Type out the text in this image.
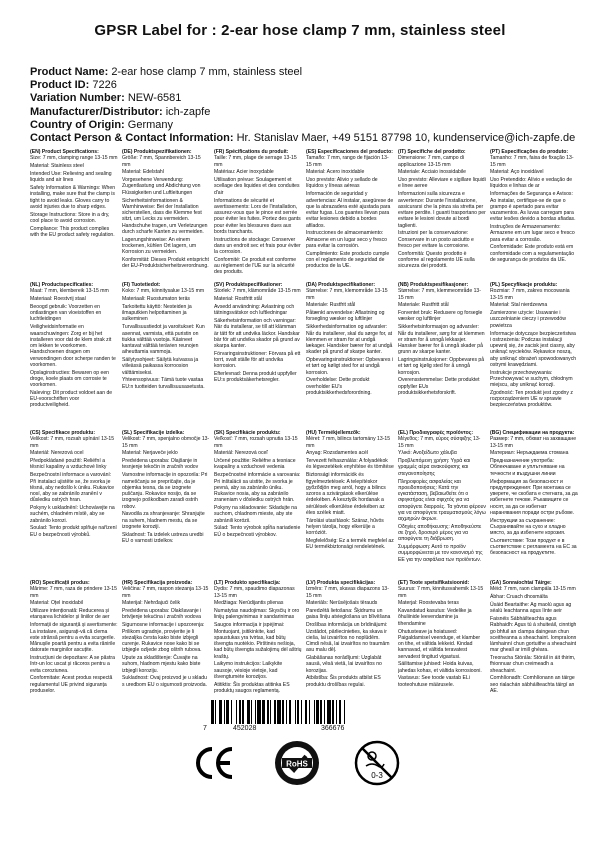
GPSR Label for : 2-ear hose clamp 7 mm, stainless steel
Product Name: 2-ear hose clamp 7 mm, stainless steel
Product ID: 7226
Variation Number: NEW-6581
Manufacturer/Distributor: ich-zapfe
Country of Origin: Germany
Contact Person & Contact Information: Hr. Stanislav Maer, +49 5151 87798 10, kundenservice@ich-zapfe.de
(EN) Product Specifications:

Size: 7 mm, clamping range 13-15 mm

Material: Stainless steel

Intended Use: Relieving and sealing liquids and air lines

Safety Information & Warnings: When installing, make sure that the clamp is tight to avoid leaks. Gloves carry to avoid injuries due to sharp edges.

Storage Instructions: Store in a dry, cool place to avoid corrosion.

Compliance: This product complies with the EU product safety regulation.

(DE) Produktspezifikationen:

Größe: 7 mm, Spannbereich 13-15 mm

Material: Edelstahl

Vorgesehene Verwendung: Zugentlastung und Abdichtung von Flüssigkeiten und Luftleitungen

Sicherheitsinformationen & Warnhinweise: Bei der Installation sicherstellen, dass die Klemme fest sitzt, um Lecks zu vermeiden. Handschuhe tragen, um Verletzungen durch scharfe Kanten zu vermeiden.

Lagerungshinweise: An einem trockenen, kühlen Ort lagern, um Korrosion zu vermeiden.

Konformität: Dieses Produkt entspricht der EU-Produktsicherheitsverordnung.

(FR) Spécifications du produit:

Taille: 7 mm, plage de serrage 13-15 mm

Matériau: Acier inoxydable

Utilisation prévue: Soulagement et scellage des liquides et des conduites d'air

Informations de sécurité et avertissements: Lors de l'installation, assurez-vous que le pince est serrée pour éviter les fuites. Portez des gants pour éviter les blessures dues aux bords tranchants.

Instructions de stockage: Conserver dans un endroit sec et frais pour éviter la corrosion.

Conformité: Ce produit est conforme au règlement de l'UE sur la sécurité des produits.

(ES) Especificaciones del producto:

Tamaño: 7 mm, rango de fijación 13-15 mm

Material: Acero inoxidable

Uso previsto: Alivio y sellado de líquidos y líneas aéreas

Información de seguridad y advertencias: Al instalar, asegúrese de que la abrazadera esté ajustada para evitar fugas. Los guantes llevan para evitar lesiones debido a bordes afilados.

Instrucciones de almacenamiento: Almacene en un lugar seco y fresco para evitar la corrosión.

Cumplimiento: Este producto cumple con el reglamento de seguridad de productos de la UE.

(IT) Specifiche del prodotto:

Dimensione: 7 mm, campo di applicazione 13-15 mm

Materiale: Acciaio inossidabile

Uso previsto: Alleviare e sigillare liquidi e linee aeree

Informazioni sulla sicurezza e avvertenze: Durante l'installazione, assicurarsi che la pinza sia stretta per evitare perdite. I guanti trasportano per evitare le lesioni dovute ai bordi taglienti.

Istruzioni per la conservazione: Conservare in un posto asciutto e fresco per evitare la corrosione.

Conformità: Questo prodotto è conforme al regolamento UE sulla sicurezza dei prodotti.

(PT) Especificações do produto:

Tamanho: 7 mm, faixa de fixação 13-15 mm

Material: Aço inoxidável

Uso Pretendido: Alívio e vedação de líquidos e linhas de ar

Informações de Segurança e Avisos: Ao instalar, certifique-se de que o grampo é apertado para evitar vazamentos. As luvas carregam para evitar lesões devido a bordas afiadas.

Instruções de Armazenamento: Armazene em um lugar seco e fresco para evitar a corrosão.

Conformidade: Este produto está em conformidade com a regulamentação de segurança de produtos da UE.

(NL) Productspecificaties:

Maat: 7 mm, klembereik 13-15 mm

Materiaal: Roestvrij staal

Beoogd gebruik: Voorzetten en ontlastingen van vloeistoffen en luchtleidingen

Veiligheidsinformatie en waarschuwingen: Zorg er bij het installeren voor dat de klem strak zit om lekken te voorkomen. Handschoenen dragen om verwondingen door scherpe randen te voorkomen.

Opslaginstructies: Bewaren op een droge, koele plaats om corrosie te voorkomen.

Naleving: Dit product voldoet aan de EU-voorschriften voor productveiligheid.

(FI) Tuotetiedot:

Koko: 7 mm, kiinnitysalue 13-15 mm

Materiaali: Ruostumaton teräs

Tarkoitettu käyttö: Nesteiden ja ilmaputkien helpottaminen ja sulkeminen

Turvallisuustiedot ja varoitukset: Kun asennat, varmista, että puristin on tiukka välttää vuotoja. Käsineet kantavat välttää terävien reunojen aiheuttamia vammoja.

Säilytysohjeet: Säilytä kuivassa ja viileässä paikassa korroosion välttämiseksi.

Yhteensopivuus: Tämä tuote vastaa EU:n tuotteiden turvallisuusasetusta.

(SV) Produktspecifikationer:

Storlek: 7 mm, klämområde 13-15 mm

Material: Rostfritt stål

Avsedd användning: Avlastning och tätningsvätskor och luftledningar

Säkerhetsinformation och varningar: När du installerar, se till att klämman är tätt för att undvika läckor. Handskar bär för att undvika skador på grund av skarpa kanter.

Förvaringsinstruktioner: Förvara på ett torrt, svalt ställe för att undvika korrosion.

Efterlevnad: Denna produkt uppfyller EU:s produktsäkerhetsregler.

(DA) Produktspecifikationer:

Størrelse: 7 mm, klemområde 13-15 mm

Materiale: Rustfrit stål

Påtænkt anvendelse: Aflastning og forsegling væsker og luftlinjer

Sikkerhedsinformation og advarsler: Når du installerer, skal du sørge for, at klemmen er stram for at undgå lækager. Handsker bærer for at undgå skader på grund af skarpe kanter.

Opbevaringsinstruktioner: Opbevares i et tørt og køligt sted for at undgå korrosion.

Overholdelse: Dette produkt overholder EU's produktsikkerhedsforordning.

(NB) Produktspesifikasjoner:

Størrelse: 7 mm, klemmeområde 13-15 mm

Materiale: Rustfritt stål

Forventet bruk: Redusere og forsegle væsker og luftlinjer

Sikkerhetsinformasjon og advarsler: Når du installerer, sørg for at klemmen er stram for å unngå lekkasjer. Hansker bærer for å unngå skader på grunn av skarpe kanter.

Lagringsinstruksjoner: Oppbevares på et tørt og kjølig sted for å unngå korrosjon.

Overensstemmelse: Dette produktet oppfyller EUs produktsikkerhetsforskrift.

(PL) Specyfikacje produktu:

Rozmiar: 7 mm, zakres mocowania 13-15 mm

Materiał: Stal nierdzewna

Zamierzone użycie: Usuwanie i uszczelnianie cieczy i przewodów powietrza

Informacje dotyczące bezpieczeństwa i ostrzeżenia: Podczas instalacji upewnij się, że zacisk jest ciasny, aby uniknąć wycieków. Rękawice noszą, aby uniknąć obrażeń spowodowanych ostrymi krawędziami.

Instrukcje przechowywania: Przechowywać w suchym, chłodnym miejscu, aby uniknąć korozji.

Zgodność: Ten produkt jest zgodny z rozporządzeniem UE w sprawie bezpieczeństwa produktów.

(CS) Specifikace produktu:

Velikost: 7 mm, rozsah upínání 13-15 mm

Materiál: Nerezová ocel

Předpokládané použití: Reliéfní a těsnicí kapaliny a vzduchové linky

Bezpečnostní informace a varování: Při instalaci ujistěte se, že svorka je těsná, aby nedošlo k úniku. Rukavice nosí, aby se zabránilo zranění v důsledku ostrých hran.

Pokyny k uskladnění: Uchovávejte na suchém, chladném místě, aby se zabránilo korozi.

Soulad: Tento produkt splňuje nařízení EU o bezpečnosti výrobků.

(SL) Specifikacije izdelka:

Velikost: 7 mm, spenjalno območje 13-15 mm

Material: Nerjaveče jeklo

Predvidena uporaba: Olajšanje in tesnjenje tekočin in zračnih vodov

Varnostne informacije in opozorila: Pri nameščanju se prepričajte, da je objemka tesna, da se izognete puščanju. Rokavice nosijo, da se izognejo poškodbam zaradi ostrih robov.

Navodila za shranjevanje: Shranjujte na suhem, hladnem mestu, da se izognete koroziji.

Skladnost: Ta izdelek ustreza uredbi EU o varnosti izdelkov.

(SK) Špecifikácie produktu:

Veľkosť: 7 mm, rozsah upnutia 13-15 mm

Materiál: Nerezová oceľ

Určené použitie: Reliéfne a tesniace kvapaliny a vzduchové vedenia

Bezpečnostné informácie a varovania: Pri inštalácii sa uistite, že svorka je pevná, aby sa zabránilo úniku. Rukavice nosia, aby sa zabránilo zraneniam v dôsledku ostrých hrán.

Pokyny na skladovanie: Skladujte na suchom, chladnom mieste, aby ste zabránili korózii.

Súlad: Tento výrobok spĺňa nariadenie EÚ o bezpečnosti výrobkov.

(HU) Termékjellemzők:

Méret: 7 mm, bilincs tartomány 13-15 mm

Anyag: Rozsdamentes acél

Tervezett felhasználás: A folyadékok és légvezetékek enyhítése és tömítése

Biztonsági információk és figyelmeztetések: A telepítéskor győződjön meg arról, hogy a bilincs szoros a szivárgások elkerülése érdekében. A kesztyűk hordanak a sérülések elkerülése érdekében az éles szélek miatt.

Tárolási utasítások: Száraz, hűvös helyen tárolja, hogy elkerülje a korróziót.

Megfelelőség: Ez a termék megfelel az EU termékbiztonsági rendeletének.

(EL) Προδιαγραφές προϊόντος:

Μέγεθος: 7 mm, εύρος σύσφιξης 13-15 mm

Υλικό: Ανοξείδωτο χάλυβα

Προβλεπόμενη χρήση: Υγρά και γραμμές αέρα ανακούφισης και στεγανοποίησης

Πληροφορίες ασφαλείας και προειδοποιήσεις: Κατά την εγκατάσταση, βεβαιωθείτε ότι ο σφιγκτήρας είναι σφιχτός για να αποφύγετε διαρροές. Τα γάντια φέρουν για να αποφύγετε τραυματισμούς λόγω αιχμηρών άκρων.

Οδηγίες αποθήκευσης: Αποθηκεύστε σε ξηρό, δροσερό μέρος για να αποφύγετε τη διάβρωση.

Συμμόρφωση: Αυτό το προϊόν συμμορφώνεται με τον κανονισμό της ΕΕ για την ασφάλεια των προϊόντων.

(BG) Спецификации на продукта:

Размер: 7 mm, обхват на захващане 13-15 mm

Материал: Неръждаема стомана

Предназначение употреба: Облекчаване и уплътняване на течности и въздушни линии

Информация за безопасност и предупреждения: При монтажа се уверете, че скобата е стегната, за да избегнете течове. Ръкавиците се носят, за да се избегнат наранявания поради остри ръбове.

Инструкции за съхранение: Съхранявайте на сухо и хладно място, за да избегнете корозия.

Съответствие: Този продукт е в съответствие с регламента на ЕС за безопасност на продуктите.

(RO) Specificații produs:

Mărime: 7 mm, raza de prindere 13-15 mm

Material: Oțel inoxidabil

Utilizare intenționată: Reducerea și etanșarea lichidelor și liniilor de aer

Informații de siguranță și avertismente: La instalare, asigurați-vă că clema este strânsă pentru a evita scurgerile. Mănușile poartă pentru a evita rănirile datorate marginilor ascuțite.

Instrucțiuni de depozitare: A se păstra într-un loc uscat și răcoros pentru a evita coroziunea.

Conformitate: Acest produs respectă regulamentul UE privind siguranța produselor.

(HR) Specifikacija proizvoda:

Veličina: 7 mm, raspon stezanja 13-15 mm

Materijal: Nehrđajući čelik

Predviđena uporaba: Olakšavanje i brtvljenje tekućina i zračnih vodova

Sigurnosne informacije i upozorenja: Prilikom ugradnje, provjerite je li stezaljka čvrsta kako biste izbjegli curenje. Rukavice nose kako bi se izbjegle ozljede zbog oštrih rubova.

Upute za skladištenje: Čuvajte na suhom, hladnom mjestu kako biste izbjegli koroziju.

Sukladnost: Ovaj proizvod je u skladu s uredbom EU o sigurnosti proizvoda.

(LT) Produkto specifikacija:

Dydis: 7 mm, spaudimo diapazonas 13-15 mm

Medžiaga: Nerūdijantis plienas

Numatytas naudojimas: Skysčių ir oro linijų palengvinimas ir sandarinimas

Saugos informacija ir įspėjimai: Montuojant, įsitikinkite, kad spaustukas yra tvirtas, kad būtų išvengta nuotėkio. Pirštinės nešioja, kad būtų išvengta sužalojimų dėl aštrių kraštų.

Laikymo instrukcijos: Laikykite sausoje, vėsioje vietoje, kad išvengtumėte korozijos.

Atitiktis: Šis produktas atitinka ES produktų saugos reglamentą.

(LV) Produkta specifikācijas:

Izmērs: 7 mm, skavas diapazons 13-15 mm

Materiāls: Nerūsējošais tērauds

Paredzētā lietošana: Šķidrumu un gaisa līniju atvieglošana un blīvēšana

Drošības informācija un brīdinājumi: Uzstādot, pārliecinieties, ka skava ir cieša, lai izvairītos no noplūdēm. Cimdi nēsā, lai izvairītos no traumām asu malu dēļ.

Glabāšanas norādījumi: Uzglabāt sausā, vēsā vietā, lai izvairītos no korozijas.

Atbilstība: Šis produkts atbilst ES produktu drošības regulai.

(ET) Toote spetsifikatsioonid:

Suurus: 7 mm, kinnitusvahemik 13-15 mm

Materjal: Roostevaba teras

Kavandatud kasutus: Vedelike ja õhuliinide leevendamine ja tihendamine

Ohutusteave ja hoiatused: Paigaldamisel veenduge, et klamber on tihe, et vältida lekkeid. Kindad kannavad, et vältida teravatest servadest tingitud vigastusi.

Säilitamise juhised: Hoida kuivas, jahedas kohas, et vältida korrosiooni.

Vastavus: See toode vastab ELi tooteohutuse määrusele.

(GA) Sonraíochtaí Táirge:

Méid: 7 mm, raon clampála 13-15 mm

Ábhar: Cruach dhosmálta

Úsáid Beartaithe: Ag maolú agus ag séalú leachtanna agus línte aeir

Faisnéis Sábháilteachta agus Rabhaidh: Agus tú á shuiteáil, cinntigh go bhfuil an clampa daingean chun sceitheanna a sheachaint. Iompraíonn lámhainní chun gortuithe a sheachaint mar gheall ar imill ghéara.

Treoracha Stórála: Stóráil in áit thirim, fhionnuar chun creimeadh a sheachaint.

Comhlíonadh: Comhlíonann an táirge seo rialachán sábháilteachta táirgí an AE.

7	452028	366676
RoHS
0-3
